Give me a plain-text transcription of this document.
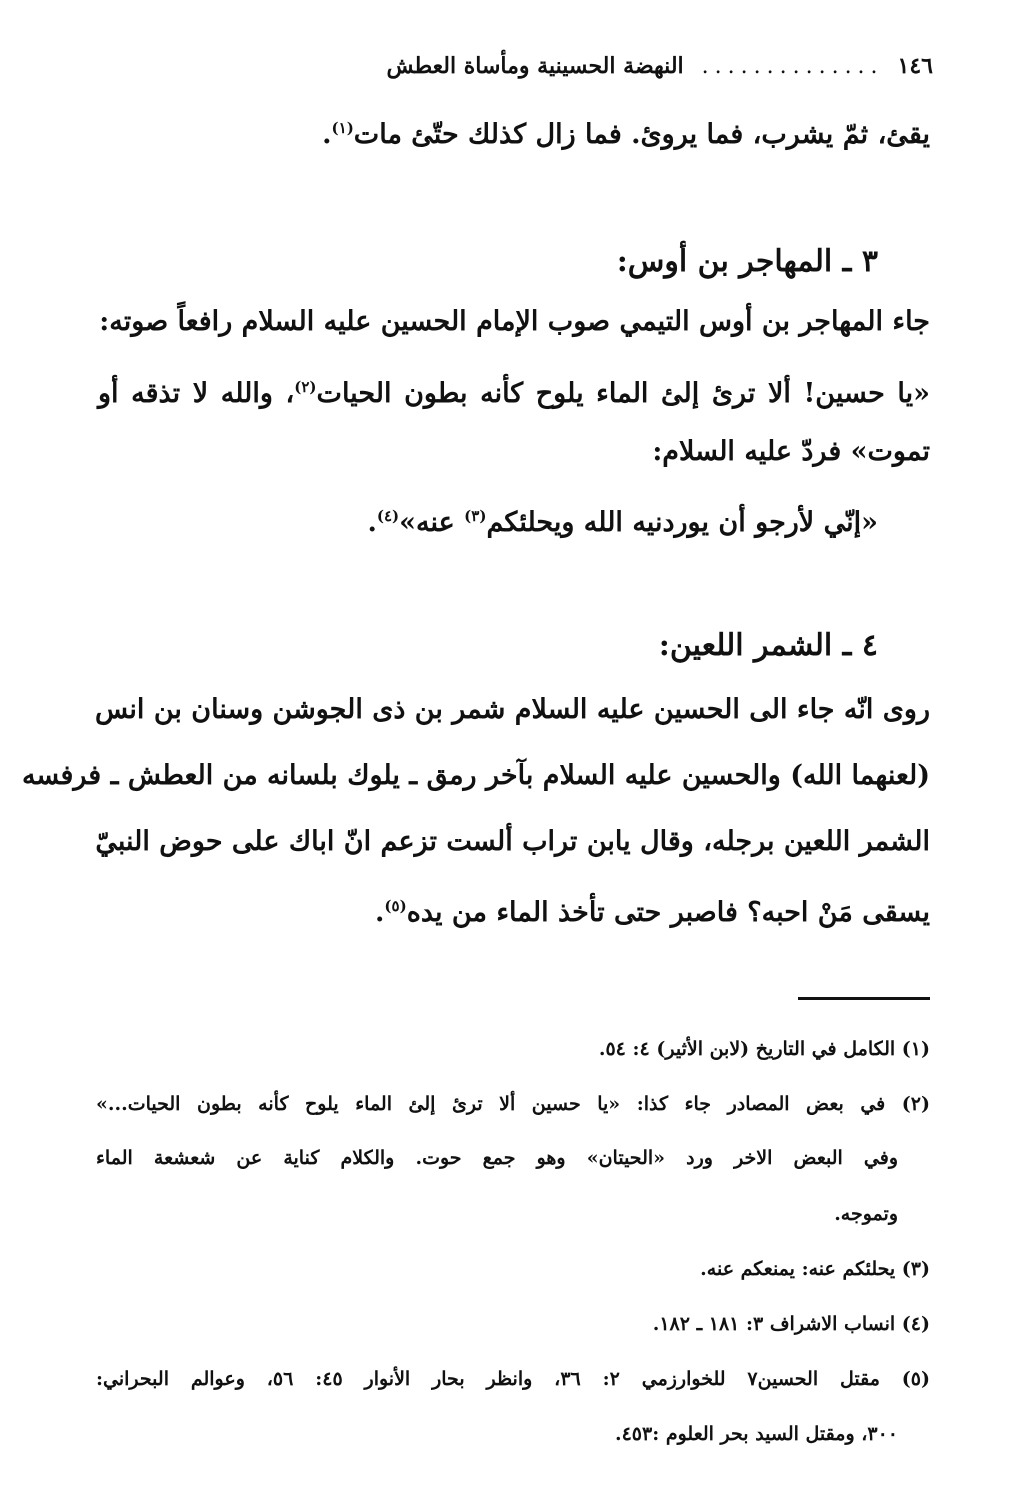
١٤٦
..............
النهضة الحسينية ومأساة العطش
يقئ، ثمّ يشرب، فما يروئ. فما زال كذلك حتّئ مات$^{(١)}$.
٣ ـ المهاجر بن أوس:
جاء المهاجر بن أوس التيمي صوب الإمام الحسين عليه السلام رافعاً صوته:
«يا حسين! ألا ترئ إلئ الماء يلوح كأنه بطون الحيات$^{(٢)}$، والله لا تذقه أو
تموت» فردّ عليه السلام:
«إنّي لأرجو أن يوردنيه الله ويحلئكم$^{(٣)}$ عنه»$^{(٤)}$.
٤ ـ الشمر اللعين:
روى انّه جاء الى الحسين عليه السلام شمر بن ذى الجوشن وسنان بن انس
(لعنهما الله) والحسين عليه السلام بآخر رمق ـ يلوك بلسانه من العطش ـ فرفسه
الشمر اللعين برجله، وقال يابن تراب ألست تزعم انّ اباك على حوض النبيّ
يسقى مَنْ احبه؟ فاصبر حتى تأخذ الماء من يده$^{(٥)}$.
(١) الكامل في التاريخ (لابن الأثير) ٤: ٥٤.
(٢) في بعض المصادر جاء كذا: «يا حسين ألا ترئ إلئ الماء يلوح كأنه بطون الحيات...»
وفي البعض الاخر ورد «الحيتان» وهو جمع حوت. والكلام كناية عن شعشعة الماء
وتموجه.
(٣) يحلئكم عنه: يمنعكم عنه.
(٤) انساب الاشراف ٣: ١٨١ ـ ١٨٢.
(٥) مقتل الحسين٧ للخوارزمي ٢: ٣٦، وانظر بحار الأنوار ٤٥: ٥٦، وعوالم البحراني:
٣٠٠، ومقتل السيد بحر العلوم :٤٥٣.
